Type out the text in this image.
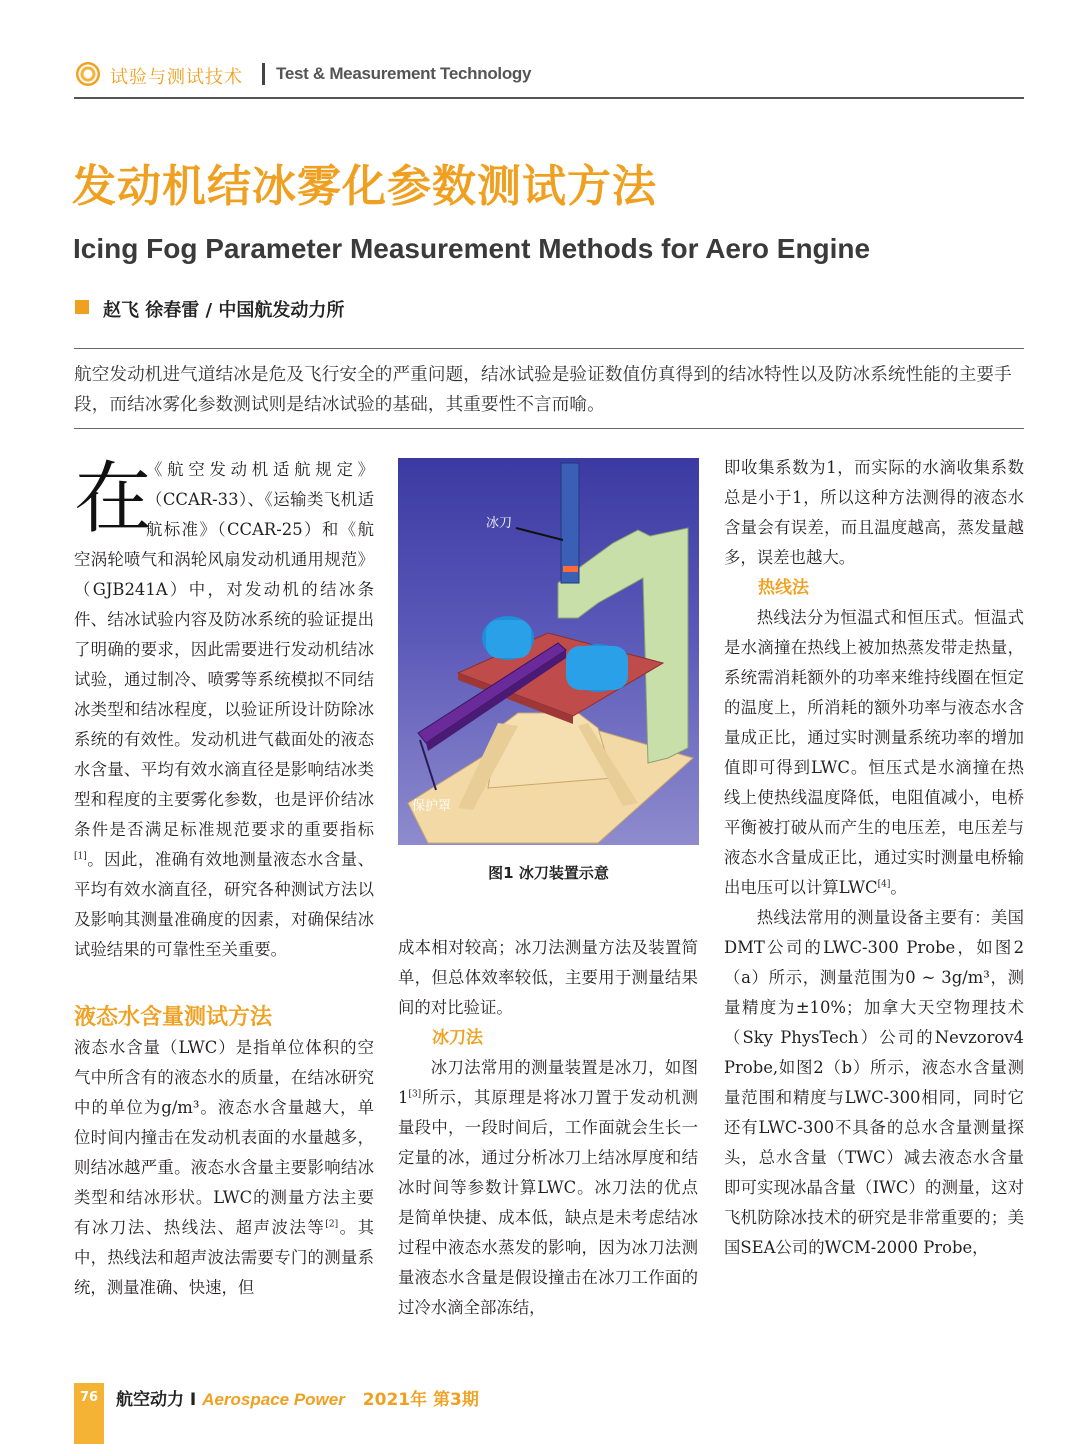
试验与测试技术 Test & Measurement Technology
发动机结冰雾化参数测试方法
Icing Fog Parameter Measurement Methods for Aero Engine
赵飞 徐春雷 / 中国航发动力所
航空发动机进气道结冰是危及飞行安全的严重问题，结冰试验是验证数值仿真得到的结冰特性以及防冰系统性能的主要手段，而结冰雾化参数测试则是结冰试验的基础，其重要性不言而喻。

在
《航空发动机适航规定》（CCAR-33）、《运输类飞机适航标准》（CCAR-25）和《航空涡轮喷气和涡轮风扇发动机通用规范》（GJB241A）中，对发动机的结冰条件、结冰试验内容及防冰系统的验证提出了明确的要求，因此需要进行发动机结冰试验，通过制冷、喷雾等系统模拟不同结冰类型和结冰程度，以验证所设计防除冰系统的有效性。发动机进气截面处的液态水含量、平均有效水滴直径是影响结冰类型和程度的主要雾化参数，也是评价结冰条件是否满足标准规范要求的重要指标[1]。因此，准确有效地测量液态水含量、平均有效水滴直径，研究各种测试方法以及影响其测量准确度的因素，对确保结冰试验结果的可靠性至关重要。

液态水含量测试方法

液态水含量（LWC）是指单位体积的空气中所含有的液态水的质量，在结冰研究中的单位为g/m³。液态水含量越大，单位时间内撞击在发动机表面的水量越多，则结冰越严重。液态水含量主要影响结冰类型和结冰形状。LWC的测量方法主要有冰刀法、热线法、超声波法等[2]。其中，热线法和超声波法需要专门的测量系统，测量准确、快速，但

冰刀
保护罩
图1 冰刀装置示意

成本相对较高；冰刀法测量方法及装置简单，但总体效率较低，主要用于测量结果间的对比验证。

冰刀法

冰刀法常用的测量装置是冰刀，如图1[3]所示，其原理是将冰刀置于发动机测量段中，一段时间后，工作面就会生长一定量的冰，通过分析冰刀上结冰厚度和结冰时间等参数计算LWC。冰刀法的优点是简单快捷、成本低，缺点是未考虑结冰过程中液态水蒸发的影响，因为冰刀法测量液态水含量是假设撞击在冰刀工作面的过冷水滴全部冻结，

即收集系数为1，而实际的水滴收集系数总是小于1，所以这种方法测得的液态水含量会有误差，而且温度越高，蒸发量越多，误差也越大。

热线法

热线法分为恒温式和恒压式。恒温式是水滴撞在热线上被加热蒸发带走热量，系统需消耗额外的功率来维持线圈在恒定的温度上，所消耗的额外功率与液态水含量成正比，通过实时测量系统功率的增加值即可得到LWC。恒压式是水滴撞在热线上使热线温度降低，电阻值减小，电桥平衡被打破从而产生的电压差，电压差与液态水含量成正比，通过实时测量电桥输出电压可以计算LWC[4]。

热线法常用的测量设备主要有：美国DMT公司的LWC-300 Probe，如图2（a）所示，测量范围为0 ~ 3g/m³，测量精度为±10%；加拿大天空物理技术（Sky PhysTech）公司的Nevzorov4 Probe,如图2（b）所示，液态水含量测量范围和精度与LWC-300相同，同时它还有LWC-300不具备的总水含量测量探头，总水含量（TWC）减去液态水含量即可实现冰晶含量（IWC）的测量，这对飞机防除冰技术的研究是非常重要的；美国SEA公司的WCM-2000 Probe，

76	航空动力 I Aerospace Power 2021年 第3期
